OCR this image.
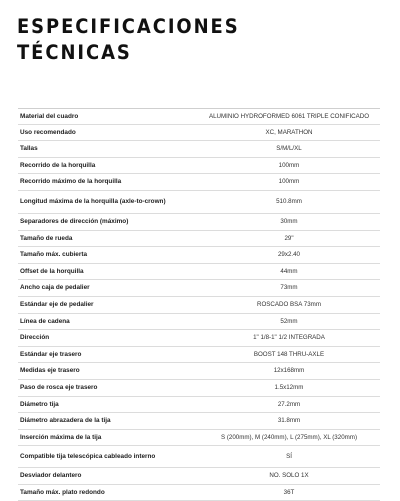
ESPECIFICACIONES
TÉCNICAS
Material del cuadro	ALUMINIO HYDROFORMED 6061 TRIPLE CONIFICADO
Uso recomendado	XC, MARATHON
Tallas	S/M/L/XL
Recorrido de la horquilla	100mm
Recorrido máximo de la horquilla	100mm
Longitud máxima de la horquilla (axle-to-crown)	510.8mm
Separadores de dirección (máximo)	30mm
Tamaño de rueda	29"
Tamaño máx. cubierta	29x2.40
Offset de la horquilla	44mm
Ancho caja de pedalier	73mm
Estándar eje de pedalier	ROSCADO BSA 73mm
Línea de cadena	52mm
Dirección	1" 1/8-1" 1/2 INTEGRADA
Estándar eje trasero	BOOST 148 THRU-AXLE
Medidas eje trasero	12x168mm
Paso de rosca eje trasero	1.5x12mm
Diámetro tija	27.2mm
Diámetro abrazadera de la tija	31.8mm
Inserción máxima de la tija	S (200mm), M (240mm), L (275mm), XL (320mm)
Compatible tija telescópica cableado interno	SÍ
Desviador delantero	NO. SOLO 1X
Tamaño máx. plato redondo	36T
